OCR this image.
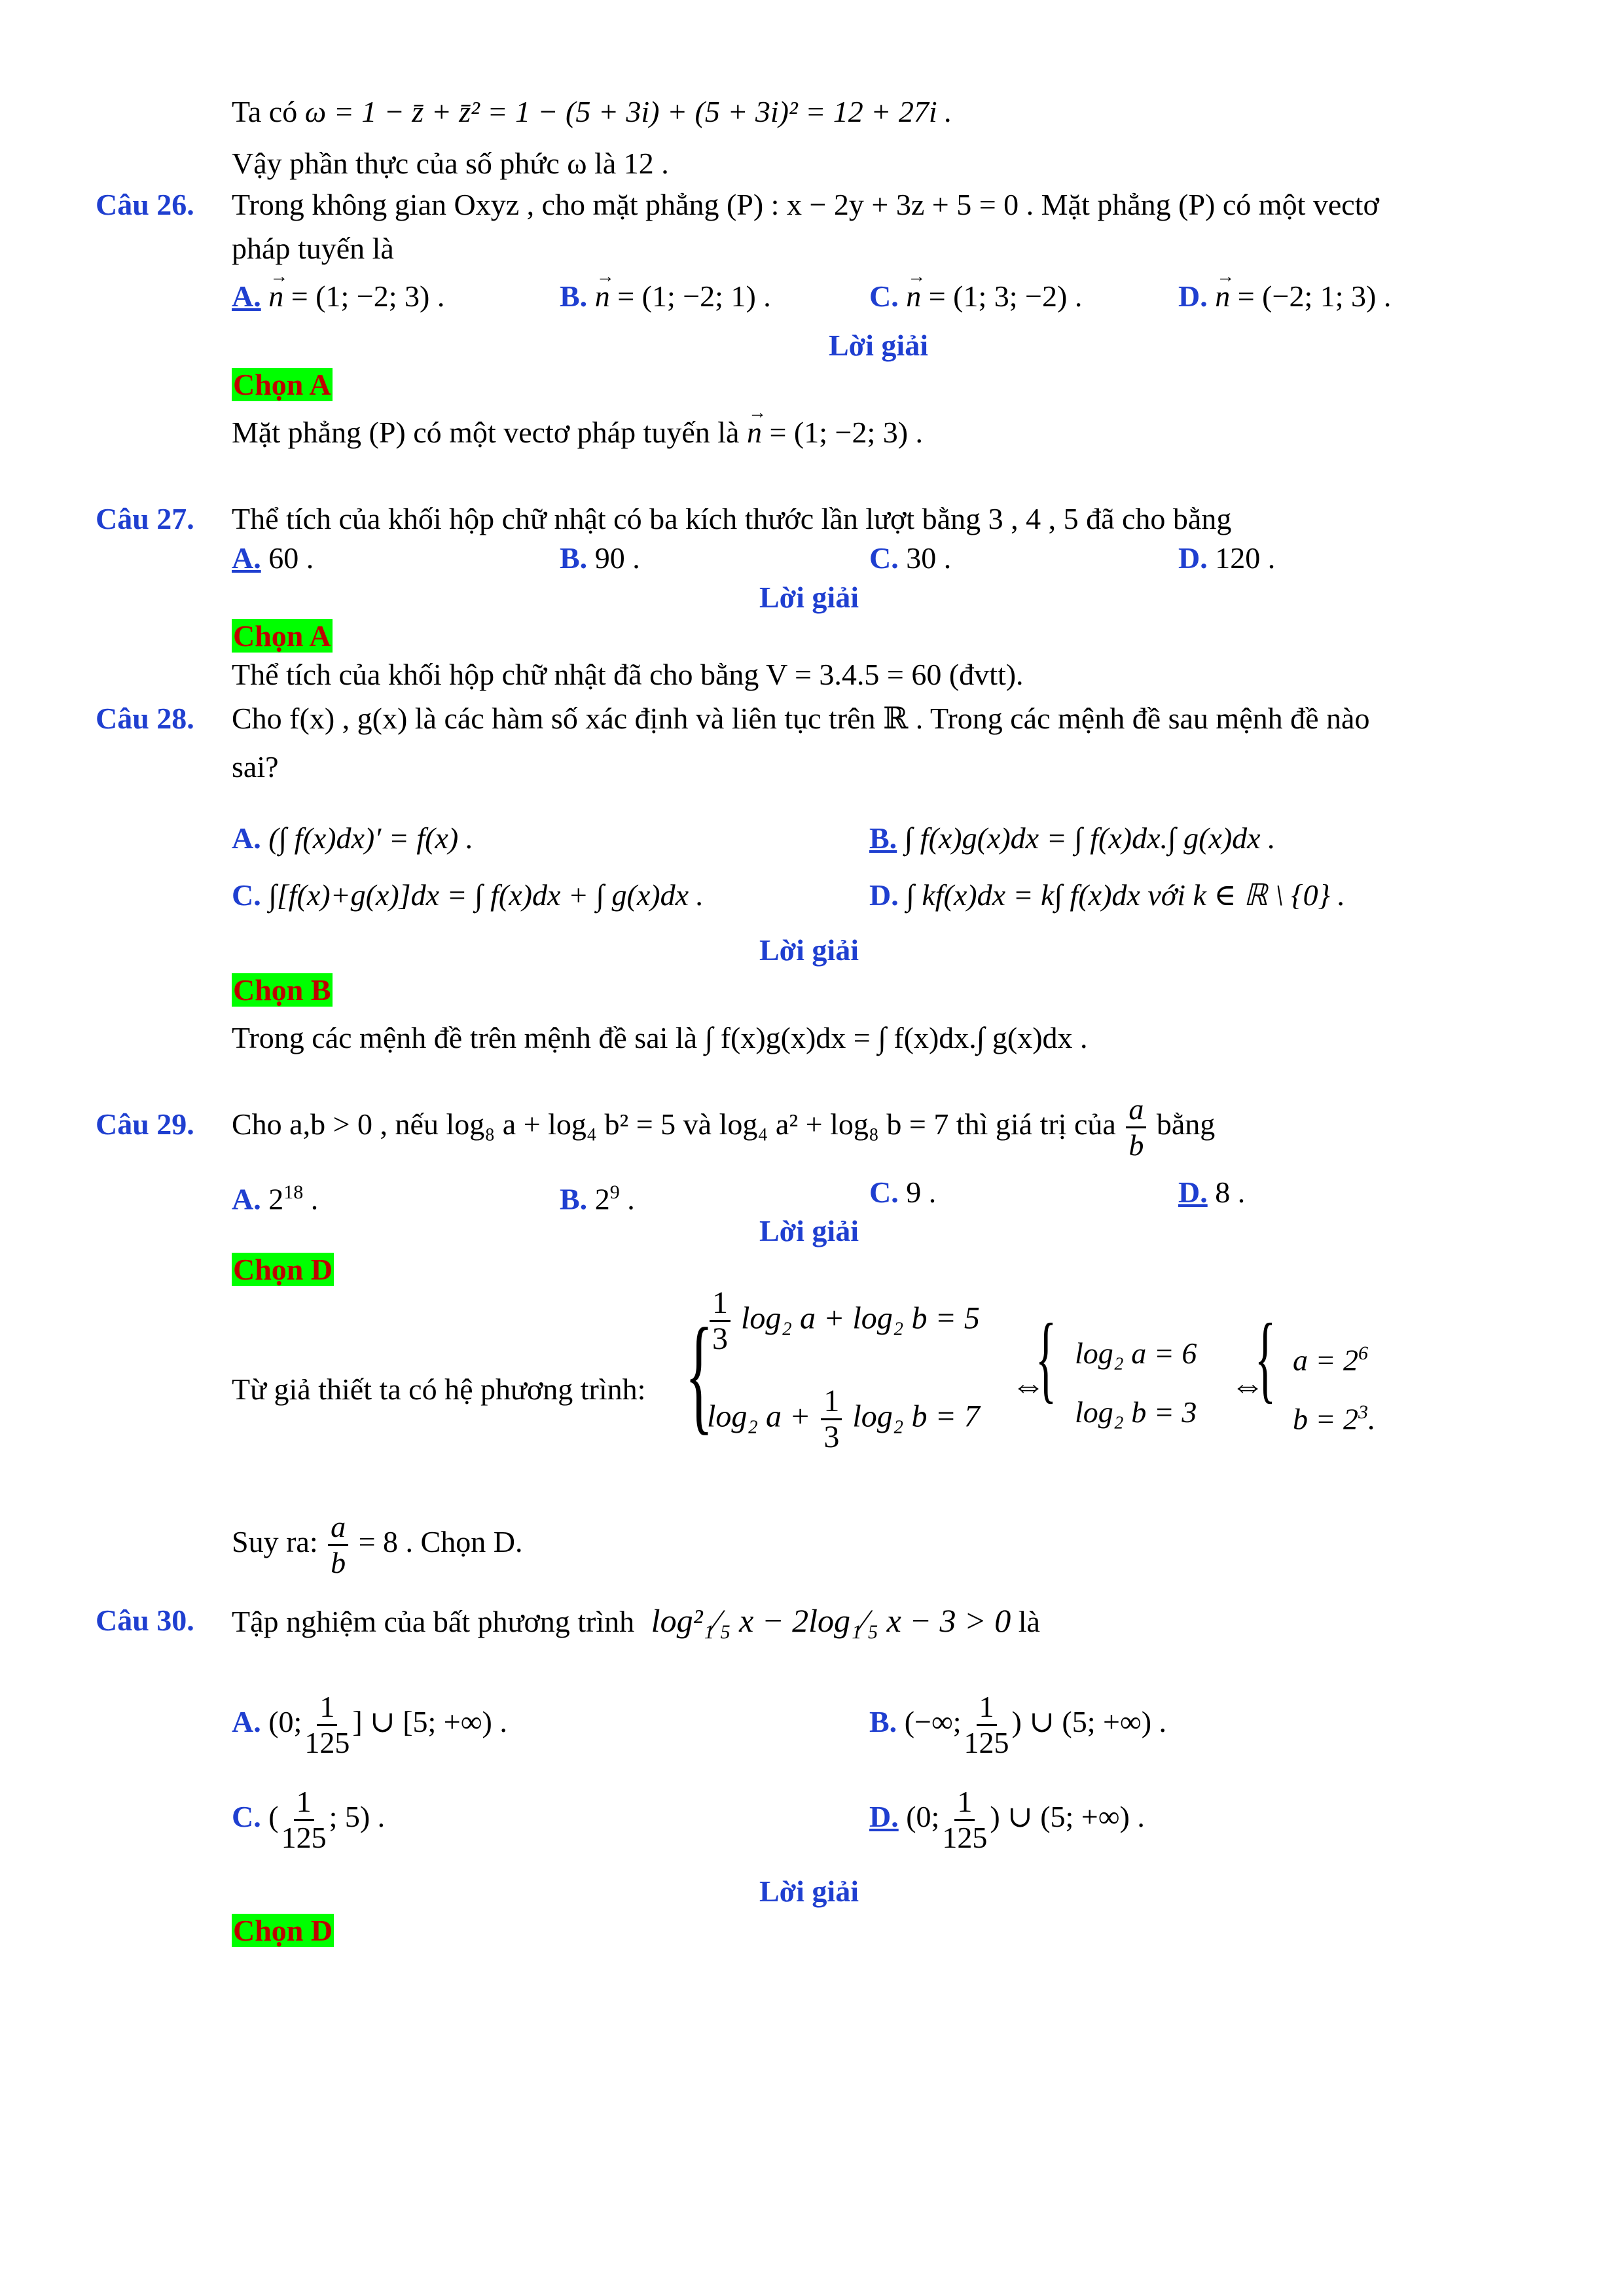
Ta có ω = 1 − z̄ + z̄² = 1 − (5 + 3i) + (5 + 3i)² = 12 + 27i .
Vậy phần thực của số phức ω là 12 .
Câu 26. Trong không gian Oxyz , cho mặt phẳng (P) : x − 2y + 3z + 5 = 0 . Mặt phẳng (P) có một vectơ
pháp tuyến là
A. → n = (1; −2; 3) .	B. → n = (1; −2; 1) .	C. → n = (1; 3; −2) .	D. → n = (−2; 1; 3) .
Lời giải
Chọn A
Mặt phẳng (P) có một vectơ pháp tuyến là → n = (1; −2; 3) .
Câu 27. Thể tích của khối hộp chữ nhật có ba kích thước lần lượt bằng 3 , 4 , 5 đã cho bằng
A. 60 .	B. 90 .	C. 30 .	D. 120 .
Lời giải
Chọn A
Thể tích của khối hộp chữ nhật đã cho bằng V = 3.4.5 = 60 (đvtt).
Câu 28. Cho f(x) , g(x) là các hàm số xác định và liên tục trên ℝ . Trong các mệnh đề sau mệnh đề nào
sai?
A. (∫ f(x)dx)′ = f(x) .	B. ∫ f(x)g(x)dx = ∫ f(x)dx.∫ g(x)dx .
C. ∫[f(x)+g(x)]dx = ∫ f(x)dx + ∫ g(x)dx .	D. ∫ kf(x)dx = k∫ f(x)dx với k ∈ ℝ \ {0} .
Lời giải
Chọn B
Trong các mệnh đề trên mệnh đề sai là ∫ f(x)g(x)dx = ∫ f(x)dx.∫ g(x)dx .
Câu 29. Cho a,b > 0 , nếu log₈ a + log₄ b² = 5 và log₄ a² + log₈ b = 7 thì giá trị của $\frac{a}{b}$ bằng
A. $2^{18}$ .	B. $2^9$ .	C. 9 .	D. 8 .
Lời giải
Chọn D
Từ giả thiết ta có hệ phương trình: {
$\frac{1}{3} \log_2$ a + log₂ b = 5
log₂ $a + \frac{1}{3} \log_2$ b = 7
⇔
{ log₂ a = 6
log₂ b = 3
⇔
{ $a = 2^6$
$b = 2^3$.
Suy ra: $\frac{a}{b} = 8$ . Chọn D.
Câu 30. Tập nghiệm của bất phương trình log²₁⁄₅ x − 2log₁⁄₅ x − 3 > 0 là
A. (0; $\frac{1}{125}$ ] ∪ [5; +∞) .	B. (−∞; $\frac{1}{125}$ ) ∪ (5; +∞) .
C. ( $\frac{1}{125}$ ; 5) .	D. (0; $\frac{1}{125}$ ) ∪ (5; +∞) .
Lời giải
Chọn D
